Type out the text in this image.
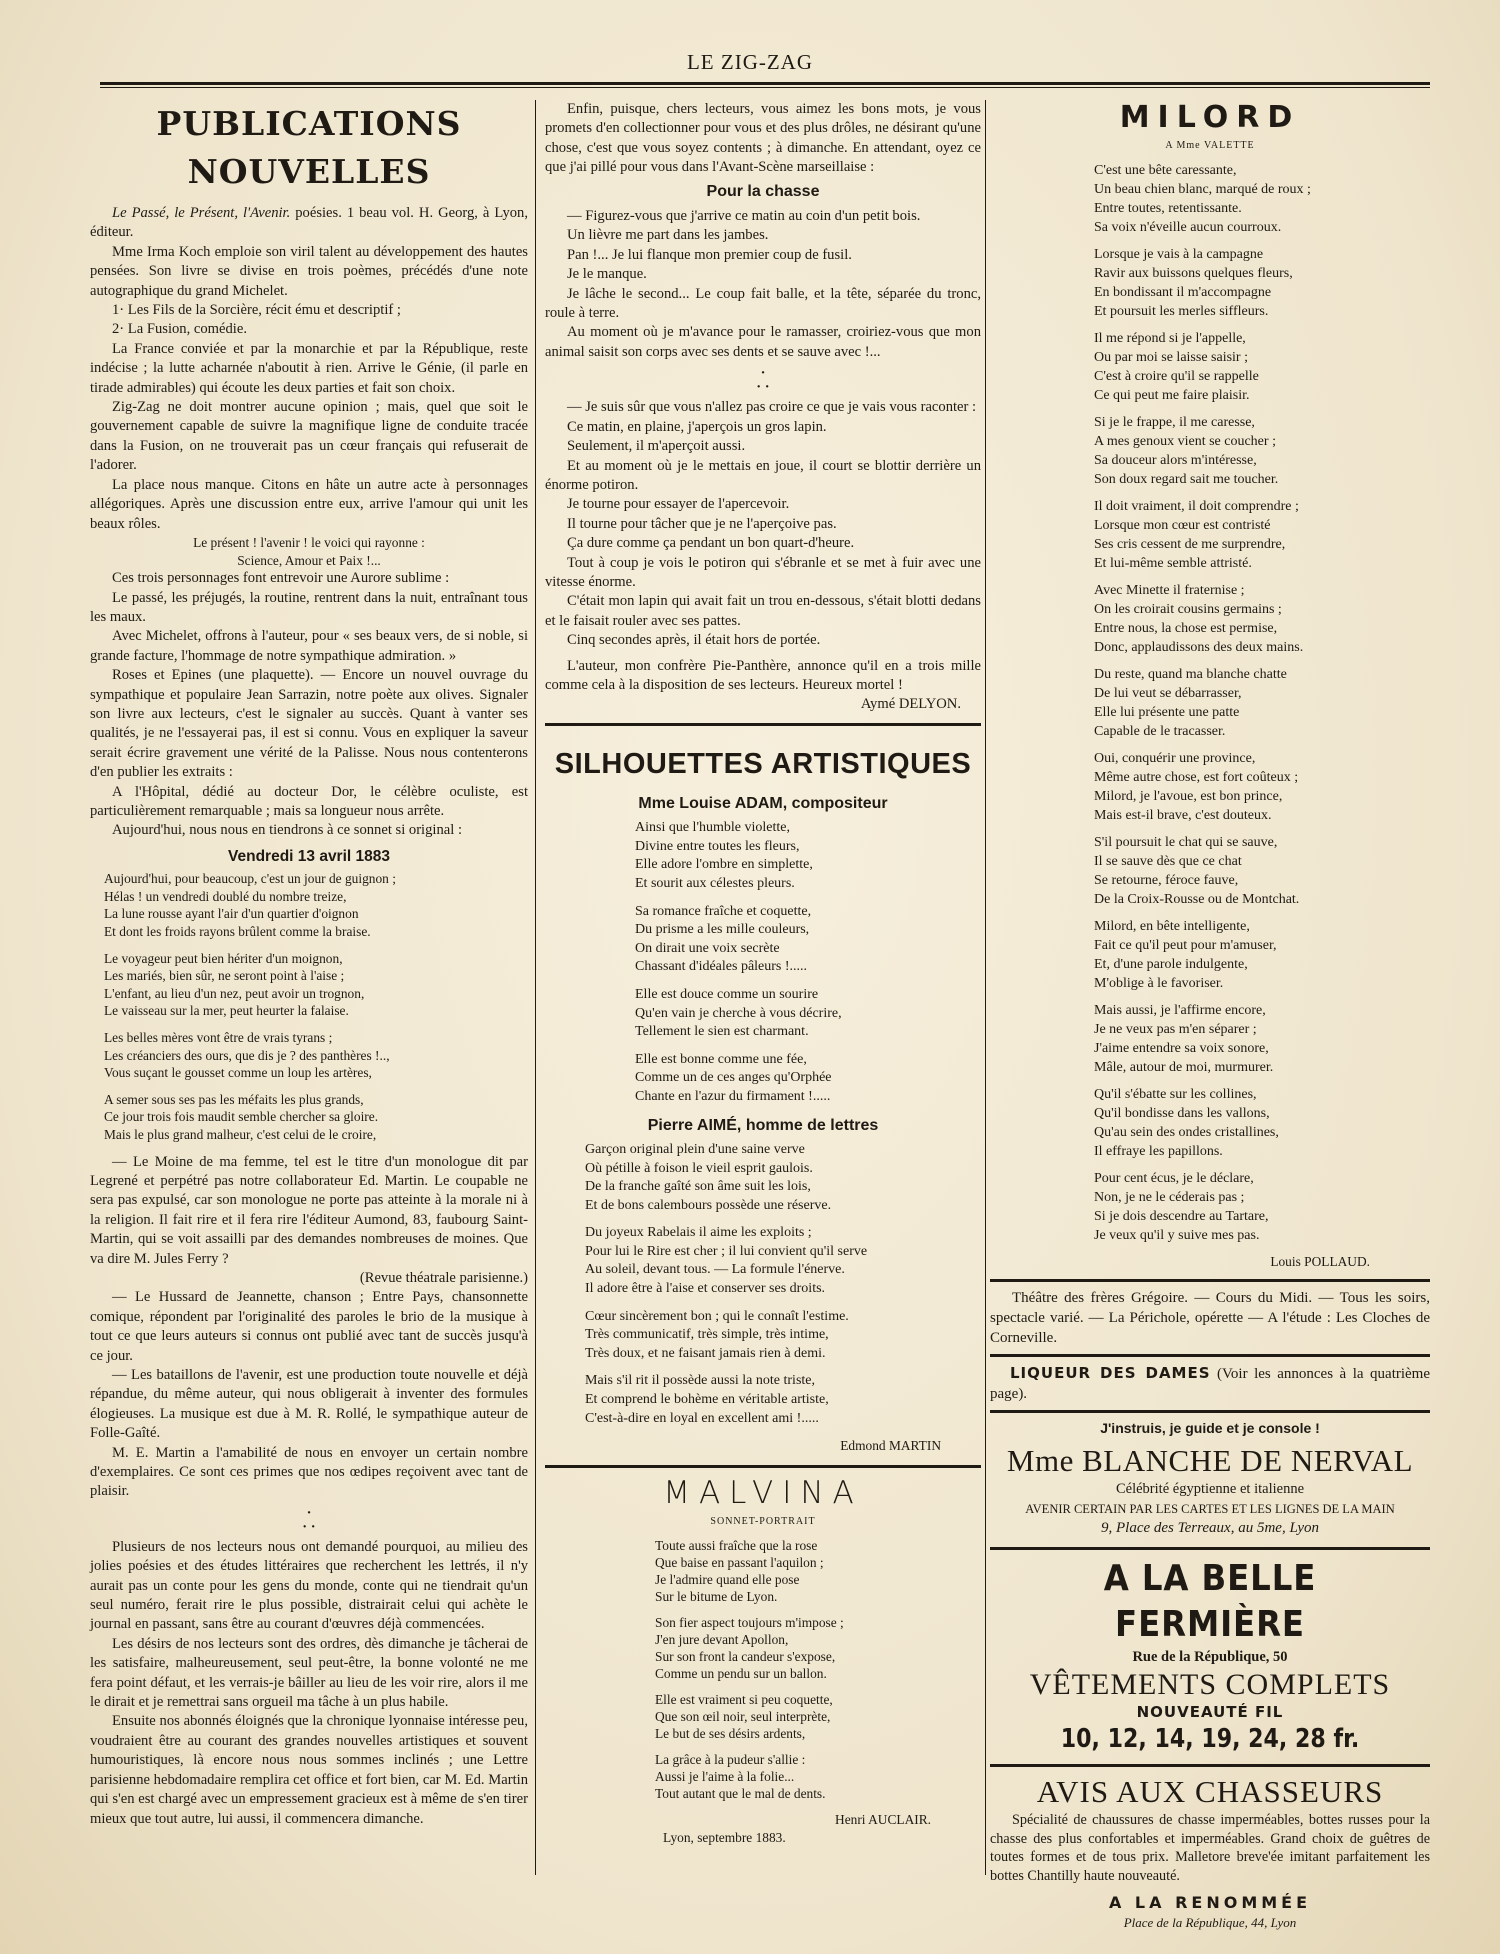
LE ZIG-ZAG
PUBLICATIONS NOUVELLES

Le Passé, le Présent, l'Avenir. poésies. 1 beau vol. H. Georg, à Lyon, éditeur.

Mme Irma Koch emploie son viril talent au développement des hautes pensées. Son livre se divise en trois poèmes, précédés d'une note autographique du grand Michelet.

1· Les Fils de la Sorcière, récit ému et descriptif ;

2· La Fusion, comédie.

La France conviée et par la monarchie et par la République, reste indécise ; la lutte acharnée n'aboutit à rien. Arrive le Génie, (il parle en tirade admirables) qui écoute les deux parties et fait son choix.

Zig-Zag ne doit montrer aucune opinion ; mais, quel que soit le gouvernement capable de suivre la magnifique ligne de conduite tracée dans la Fusion, on ne trouverait pas un cœur français qui refuserait de l'adorer.

La place nous manque. Citons en hâte un autre acte à personnages allégoriques. Après une discussion entre eux, arrive l'amour qui unit les beaux rôles.

Le présent ! l'avenir ! le voici qui rayonne :

Science, Amour et Paix !...

Ces trois personnages font entrevoir une Aurore sublime :

Le passé, les préjugés, la routine, rentrent dans la nuit, entraînant tous les maux.

Avec Michelet, offrons à l'auteur, pour « ses beaux vers, de si noble, si grande facture, l'hommage de notre sympathique admiration. »

Roses et Epines (une plaquette). — Encore un nouvel ouvrage du sympathique et populaire Jean Sarrazin, notre poète aux olives. Signaler son livre aux lecteurs, c'est le signaler au succès. Quant à vanter ses qualités, je ne l'essayerai pas, il est si connu. Vous en expliquer la saveur serait écrire gravement une vérité de la Palisse. Nous nous contenterons d'en publier les extraits :

A l'Hôpital, dédié au docteur Dor, le célèbre oculiste, est particulièrement remarquable ; mais sa longueur nous arrête.

Aujourd'hui, nous nous en tiendrons à ce sonnet si original :

Vendredi 13 avril 1883
Aujourd'hui, pour beaucoup, c'est un jour de guignon ;
Hélas ! un vendredi doublé du nombre treize,
La lune rousse ayant l'air d'un quartier d'oignon
Et dont les froids rayons brûlent comme la braise.
Le voyageur peut bien hériter d'un moignon,
Les mariés, bien sûr, ne seront point à l'aise ;
L'enfant, au lieu d'un nez, peut avoir un trognon,
Le vaisseau sur la mer, peut heurter la falaise.
Les belles mères vont être de vrais tyrans ;
Les créanciers des ours, que dis je ? des panthères !..,
Vous suçant le gousset comme un loup les artères,
A semer sous ses pas les méfaits les plus grands,
Ce jour trois fois maudit semble chercher sa gloire.
Mais le plus grand malheur, c'est celui de le croire,

— Le Moine de ma femme, tel est le titre d'un monologue dit par Legrené et perpétré pas notre collaborateur Ed. Martin. Le coupable ne sera pas expulsé, car son monologue ne porte pas atteinte à la morale ni à la religion. Il fait rire et il fera rire l'éditeur Aumond, 83, faubourg Saint-Martin, qui se voit assailli par des demandes nombreuses de moines. Que va dire M. Jules Ferry ?

(Revue théatrale parisienne.)

— Le Hussard de Jeannette, chanson ; Entre Pays, chansonnette comique, répondent par l'originalité des paroles le brio de la musique à tout ce que leurs auteurs si connus ont publié avec tant de succès jusqu'à ce jour.

— Les bataillons de l'avenir, est une production toute nouvelle et déjà répandue, du même auteur, qui nous obligerait à inventer des formules élogieuses. La musique est due à M. R. Rollé, le sympathique auteur de Folle-Gaîté.

M. E. Martin a l'amabilité de nous en envoyer un certain nombre d'exemplaires. Ce sont ces primes que nos œdipes reçoivent avec tant de plaisir.

·
· ·

Plusieurs de nos lecteurs nous ont demandé pourquoi, au milieu des jolies poésies et des études littéraires que recherchent les lettrés, il n'y aurait pas un conte pour les gens du monde, conte qui ne tiendrait qu'un seul numéro, ferait rire le plus possible, distrairait celui qui achète le journal en passant, sans être au courant d'œuvres déjà commencées.

Les désirs de nos lecteurs sont des ordres, dès dimanche je tâcherai de les satisfaire, malheureusement, seul peut-être, la bonne volonté ne me fera point défaut, et les verrais-je bâiller au lieu de les voir rire, alors il me le dirait et je remettrai sans orgueil ma tâche à un plus habile.

Ensuite nos abonnés éloignés que la chronique lyonnaise intéresse peu, voudraient être au courant des grandes nouvelles artistiques et souvent humouristiques, là encore nous nous sommes inclinés ; une Lettre parisienne hebdomadaire remplira cet office et fort bien, car M. Ed. Martin qui s'en est chargé avec un empressement gracieux est à même de s'en tirer mieux que tout autre, lui aussi, il commencera dimanche.

Enfin, puisque, chers lecteurs, vous aimez les bons mots, je vous promets d'en collectionner pour vous et des plus drôles, ne désirant qu'une chose, c'est que vous soyez contents ; à dimanche. En attendant, oyez ce que j'ai pillé pour vous dans l'Avant-Scène marseillaise :

Pour la chasse

— Figurez-vous que j'arrive ce matin au coin d'un petit bois.

Un lièvre me part dans les jambes.

Pan !... Je lui flanque mon premier coup de fusil.

Je le manque.

Je lâche le second... Le coup fait balle, et la tête, séparée du tronc, roule à terre.

Au moment où je m'avance pour le ramasser, croiriez-vous que mon animal saisit son corps avec ses dents et se sauve avec !...

·
· ·

— Je suis sûr que vous n'allez pas croire ce que je vais vous raconter :

Ce matin, en plaine, j'aperçois un gros lapin.

Seulement, il m'aperçoit aussi.

Et au moment où je le mettais en joue, il court se blottir derrière un énorme potiron.

Je tourne pour essayer de l'apercevoir.

Il tourne pour tâcher que je ne l'aperçoive pas.

Ça dure comme ça pendant un bon quart-d'heure.

Tout à coup je vois le potiron qui s'ébranle et se met à fuir avec une vitesse énorme.

C'était mon lapin qui avait fait un trou en-dessous, s'était blotti dedans et le faisait rouler avec ses pattes.

Cinq secondes après, il était hors de portée.

L'auteur, mon confrère Pie-Panthère, annonce qu'il en a trois mille comme cela à la disposition de ses lecteurs. Heureux mortel !

Aymé DELYON.

SILHOUETTES ARTISTIQUES
Mme Louise ADAM, compositeur
Ainsi que l'humble violette,
Divine entre toutes les fleurs,
Elle adore l'ombre en simplette,
Et sourit aux célestes pleurs.
Sa romance fraîche et coquette,
Du prisme a les mille couleurs,
On dirait une voix secrète
Chassant d'idéales pâleurs !.....
Elle est douce comme un sourire
Qu'en vain je cherche à vous décrire,
Tellement le sien est charmant.
Elle est bonne comme une fée,
Comme un de ces anges qu'Orphée
Chante en l'azur du firmament !.....
Pierre AIMÉ, homme de lettres
Garçon original plein d'une saine verve
Où pétille à foison le vieil esprit gaulois.
De la franche gaîté son âme suit les lois,
Et de bons calembours possède une réserve.
Du joyeux Rabelais il aime les exploits ;
Pour lui le Rire est cher ; il lui convient qu'il serve
Au soleil, devant tous. — La formule l'énerve.
Il adore être à l'aise et conserver ses droits.
Cœur sincèrement bon ; qui le connaît l'estime.
Très communicatif, très simple, très intime,
Très doux, et ne faisant jamais rien à demi.
Mais s'il rit il possède aussi la note triste,
Et comprend le bohème en véritable artiste,
C'est-à-dire en loyal en excellent ami !.....

Edmond MARTIN

MALVINA
SONNET-PORTRAIT
Toute aussi fraîche que la rose
Que baise en passant l'aquilon ;
Je l'admire quand elle pose
Sur le bitume de Lyon.
Son fier aspect toujours m'impose ;
J'en jure devant Apollon,
Sur son front la candeur s'expose,
Comme un pendu sur un ballon.
Elle est vraiment si peu coquette,
Que son œil noir, seul interprète,
Le but de ses désirs ardents,
La grâce à la pudeur s'allie :
Aussi je l'aime à la folie...
Tout autant que le mal de dents.

Henri AUCLAIR.

Lyon, septembre 1883.

MILORD
A Mme VALETTE
C'est une bête caressante,
Un beau chien blanc, marqué de roux ;
Entre toutes, retentissante.
Sa voix n'éveille aucun courroux.
Lorsque je vais à la campagne
Ravir aux buissons quelques fleurs,
En bondissant il m'accompagne
Et poursuit les merles siffleurs.
Il me répond si je l'appelle,
Ou par moi se laisse saisir ;
C'est à croire qu'il se rappelle
Ce qui peut me faire plaisir.
Si je le frappe, il me caresse,
A mes genoux vient se coucher ;
Sa douceur alors m'intéresse,
Son doux regard sait me toucher.
Il doit vraiment, il doit comprendre ;
Lorsque mon cœur est contristé
Ses cris cessent de me surprendre,
Et lui-même semble attristé.
Avec Minette il fraternise ;
On les croirait cousins germains ;
Entre nous, la chose est permise,
Donc, applaudissons des deux mains.
Du reste, quand ma blanche chatte
De lui veut se débarrasser,
Elle lui présente une patte
Capable de le tracasser.
Oui, conquérir une province,
Même autre chose, est fort coûteux ;
Milord, je l'avoue, est bon prince,
Mais est-il brave, c'est douteux.
S'il poursuit le chat qui se sauve,
Il se sauve dès que ce chat
Se retourne, féroce fauve,
De la Croix-Rousse ou de Montchat.
Milord, en bête intelligente,
Fait ce qu'il peut pour m'amuser,
Et, d'une parole indulgente,
M'oblige à le favoriser.
Mais aussi, je l'affirme encore,
Je ne veux pas m'en séparer ;
J'aime entendre sa voix sonore,
Mâle, autour de moi, murmurer.
Qu'il s'ébatte sur les collines,
Qu'il bondisse dans les vallons,
Qu'au sein des ondes cristallines,
Il effraye les papillons.
Pour cent écus, je le déclare,
Non, je ne le céderais pas ;
Si je dois descendre au Tartare,
Je veux qu'il y suive mes pas.

Louis POLLAUD.

Théâtre des frères Grégoire. — Cours du Midi. — Tous les soirs, spectacle varié. — La Périchole, opérette — A l'étude : Les Cloches de Corneville.

LIQUEUR DES DAMES (Voir les annonces à la quatrième page).

J'instruis, je guide et je console !
Mme BLANCHE DE NERVAL

Célébrité égyptienne et italienne

AVENIR CERTAIN PAR LES CARTES ET LES LIGNES DE LA MAIN

9, Place des Terreaux, au 5me, Lyon

A LA BELLE FERMIÈRE

Rue de la République, 50

VÊTEMENTS COMPLETS
NOUVEAUTÉ FIL
10, 12, 14, 19, 24, 28 fr.
AVIS AUX CHASSEURS

Spécialité de chaussures de chasse imperméables, bottes russes pour la chasse des plus confortables et imperméables. Grand choix de guêtres de toutes formes et de tous prix. Malletore breve'ée imitant parfaitement les bottes Chantilly haute nouveauté.

A LA RENOMMÉE

Place de la République, 44, Lyon
